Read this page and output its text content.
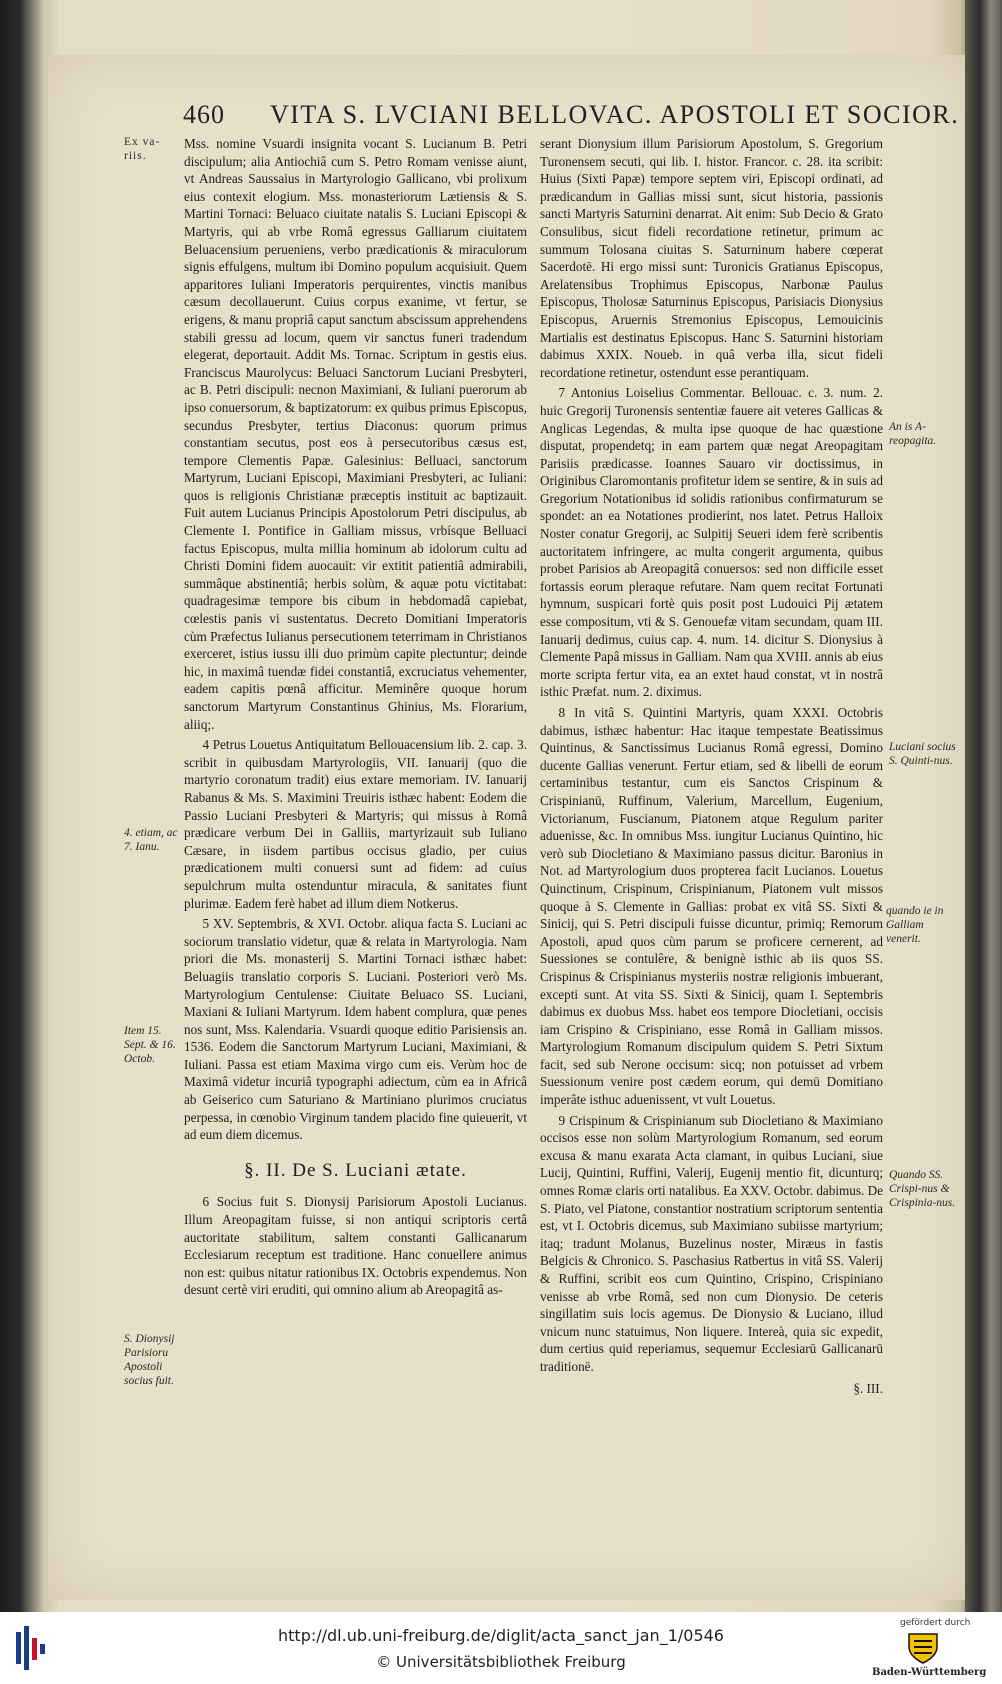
460 VITA S. LVCIANI BELLOVAC. APOSTOLI ET SOCIOR.
Ex va-riis.
4. etiam, ac 7. Ianu.
Item 15. Sept. & 16. Octob.
S. Dionysij Parisioru Apostoli socius fuit.
An is A-reopagita.
Luciani socius S. Quinti-nus.
quando ie in Galliam venerit.
Quando SS. Crispi-nus & Crispinia-nus.

Mss. nomine Vsuardi insignita vocant S. Lucianum B. Petri discipulum; alia Antiochiâ cum S. Petro Romam venisse aiunt, vt Andreas Saussaius in Martyrologio Gallicano, vbi prolixum eius contexit elogium. Mss. monasteriorum Lætiensis & S. Martini Tornaci: Beluaco ciuitate natalis S. Luciani Episcopi & Martyris, qui ab vrbe Româ egressus Galliarum ciuitatem Beluacensium perueniens, verbo prædicationis & miraculorum signis effulgens, multum ibi Domino populum acquisiuit. Quem apparitores Iuliani Imperatoris perquirentes, vinctis manibus cæsum decollauerunt. Cuius corpus exanime, vt fertur, se erigens, & manu propriâ caput sanctum abscissum apprehendens stabili gressu ad locum, quem vir sanctus funeri tradendum elegerat, deportauit. Addit Ms. Tornac. Scriptum in gestis eius. Franciscus Maurolycus: Beluaci Sanctorum Luciani Presbyteri, ac B. Petri discipuli: necnon Maximiani, & Iuliani puerorum ab ipso conuersorum, & baptizatorum: ex quibus primus Episcopus, secundus Presbyter, tertius Diaconus: quorum primus constantiam secutus, post eos à persecutoribus cæsus est, tempore Clementis Papæ. Galesinius: Belluaci, sanctorum Martyrum, Luciani Episcopi, Maximiani Presbyteri, ac Iuliani: quos is religionis Christianæ præceptis instituit ac baptizauit. Fuit autem Lucianus Principis Apostolorum Petri discipulus, ab Clemente I. Pontifice in Galliam missus, vrbísque Belluaci factus Episcopus, multa millia hominum ab idolorum cultu ad Christi Domini fidem auocauit: vir extitit patientiâ admirabili, summâque abstinentiâ; herbis solùm, & aquæ potu victitabat: quadragesimæ tempore bis cibum in hebdomadâ capiebat, cœlestis panis vi sustentatus. Decreto Domitiani Imperatoris cùm Præfectus Iulianus persecutionem teterrimam in Christianos exerceret, istius iussu illi duo primùm capite plectuntur; deinde hic, in maximâ tuendæ fidei constantiâ, excruciatus vehementer, eadem capitis pœnâ afficitur. Meminêre quoque horum sanctorum Martyrum Constantinus Ghinius, Ms. Florarium, aliiq;.

4 Petrus Louetus Antiquitatum Bellouacensium lib. 2. cap. 3. scribit in quibusdam Martyrologiis, VII. Ianuarij (quo die martyrio coronatum tradit) eius extare memoriam. IV. Ianuarij Rabanus & Ms. S. Maximini Treuiris isthæc habent: Eodem die Passio Luciani Presbyteri & Martyris; qui missus à Româ prædicare verbum Dei in Galliis, martyrizauit sub Iuliano Cæsare, in iisdem partibus occisus gladio, per cuius prædicationem multi conuersi sunt ad fidem: ad cuius sepulchrum multa ostenduntur miracula, & sanitates fiunt plurimæ. Eadem ferè habet ad illum diem Notkerus.

5 XV. Septembris, & XVI. Octobr. aliqua facta S. Luciani ac sociorum translatio videtur, quæ & relata in Martyrologia. Nam priori die Ms. monasterij S. Martini Tornaci isthæc habet: Beluagiis translatio corporis S. Luciani. Posteriori verò Ms. Martyrologium Centulense: Ciuitate Beluaco SS. Luciani, Maxiani & Iuliani Martyrum. Idem habent complura, quæ penes nos sunt, Mss. Kalendaria. Vsuardi quoque editio Parisiensis an. 1536. Eodem die Sanctorum Martyrum Luciani, Maximiani, & Iuliani. Passa est etiam Maxima virgo cum eis. Verùm hoc de Maximâ videtur incuriâ typographi adiectum, cùm ea in Africâ ab Geiserico cum Saturiano & Martiniano plurimos cruciatus perpessa, in cœnobio Virginum tandem placido fine quieuerit, vt ad eum diem dicemus.

§. II. De S. Luciani ætate.

6 Socius fuit S. Dionysij Parisiorum Apostoli Lucianus. Illum Areopagitam fuisse, si non antiqui scriptoris certâ auctoritate stabilitum, saltem constanti Gallicanarum Ecclesiarum receptum est traditione. Hanc conuellere animus non est: quibus nitatur rationibus IX. Octobris expendemus. Non desunt certè viri eruditi, qui omnino alium ab Areopagitâ as-

serant Dionysium illum Parisiorum Apostolum, S. Gregorium Turonensem secuti, qui lib. I. histor. Francor. c. 28. ita scribit: Huius (Sixti Papæ) tempore septem viri, Episcopi ordinati, ad prædicandum in Gallias missi sunt, sicut historia, passionis sancti Martyris Saturnini denarrat. Ait enim: Sub Decio & Grato Consulibus, sicut fideli recordatione retinetur, primum ac summum Tolosana ciuitas S. Saturninum habere cœperat Sacerdotē. Hi ergo missi sunt: Turonicis Gratianus Episcopus, Arelatensibus Trophimus Episcopus, Narbonæ Paulus Episcopus, Tholosæ Saturninus Episcopus, Parisiacis Dionysius Episcopus, Aruernis Stremonius Episcopus, Lemouicinis Martialis est destinatus Episcopus. Hanc S. Saturnini historiam dabimus XXIX. Noueb. in quâ verba illa, sicut fideli recordatione retinetur, ostendunt esse perantiquam.

7 Antonius Loiselius Commentar. Bellouac. c. 3. num. 2. huic Gregorij Turonensis sententiæ fauere ait veteres Gallicas & Anglicas Legendas, & multa ipse quoque de hac quæstione disputat, propendetq; in eam partem quæ negat Areopagitam Parisiis prædicasse. Ioannes Sauaro vir doctissimus, in Originibus Claromontanis profitetur idem se sentire, & in suis ad Gregorium Notationibus id solidis rationibus confirmaturum se spondet: an ea Notationes prodierint, nos latet. Petrus Halloix Noster conatur Gregorij, ac Sulpitij Seueri idem ferè scribentis auctoritatem infringere, ac multa congerit argumenta, quibus probet Parisios ab Areopagitâ conuersos: sed non difficile esset fortassis eorum pleraque refutare. Nam quem recitat Fortunati hymnum, suspicari fortè quis posit post Ludouici Pij ætatem esse compositum, vti & S. Genouefæ vitam secundam, quam III. Ianuarij dedimus, cuius cap. 4. num. 14. dicitur S. Dionysius à Clemente Papâ missus in Galliam. Nam qua XVIII. annis ab eius morte scripta fertur vita, ea an extet haud constat, vt in nostrâ isthic Præfat. num. 2. diximus.

8 In vitâ S. Quintini Martyris, quam XXXI. Octobris dabimus, isthæc habentur: Hac itaque tempestate Beatissimus Quintinus, & Sanctissimus Lucianus Româ egressi, Domino ducente Gallias venerunt. Fertur etiam, sed & libelli de eorum certaminibus testantur, cum eis Sanctos Crispinum & Crispinianū, Ruffinum, Valerium, Marcellum, Eugenium, Victorianum, Fuscianum, Piatonem atque Regulum pariter aduenisse, &c. In omnibus Mss. iungitur Lucianus Quintino, hic verò sub Diocletiano & Maximiano passus dicitur. Baronius in Not. ad Martyrologium duos propterea facit Lucianos. Louetus Quinctinum, Crispinum, Crispinianum, Piatonem vult missos quoque à S. Clemente in Gallias: probat ex vitâ SS. Sixti & Sinicij, qui S. Petri discipuli fuisse dicuntur, primiq; Remorum Apostoli, apud quos cùm parum se proficere cernerent, ad Suessiones se contulêre, & benignè isthic ab iis quos SS. Crispinus & Crispinianus mysteriis nostræ religionis imbuerant, excepti sunt. At vita SS. Sixti & Sinicij, quam I. Septembris dabimus ex duobus Mss. habet eos tempore Diocletiani, occisis iam Crispino & Crispiniano, esse Româ in Galliam missos. Martyrologium Romanum discipulum quidem S. Petri Sixtum facit, sed sub Nerone occisum: sicq; non potuisset ad vrbem Suessionum venire post cædem eorum, qui demū Domitiano imperâte isthuc aduenissent, vt vult Louetus.

9 Crispinum & Crispinianum sub Diocletiano & Maximiano occisos esse non solùm Martyrologium Romanum, sed eorum excusa & manu exarata Acta clamant, in quibus Luciani, siue Lucij, Quintini, Ruffini, Valerij, Eugenij mentio fit, dicunturq; omnes Romæ claris orti natalibus. Ea XXV. Octobr. dabimus. De S. Piato, vel Piatone, constantior nostratium scriptorum sententia est, vt I. Octobris dicemus, sub Maximiano subiisse martyrium; itaq; tradunt Molanus, Buzelinus noster, Miræus in fastis Belgicis & Chronico. S. Paschasius Ratbertus in vitâ SS. Valerij & Ruffini, scribit eos cum Quintino, Crispino, Crispiniano venisse ab vrbe Româ, sed non cum Dionysio. De ceteris singillatim suis locis agemus. De Dionysio & Luciano, illud vnicum nunc statuimus, Non liquere. Intereà, quia sic expedit, dum certius quid reperiamus, sequemur Ecclesiarū Gallicanarū traditionē.

§. III.

http://dl.ub.uni-freiburg.de/diglit/acta_sanct_jan_1/0546
© Universitätsbibliothek Freiburg
gefördert durch
Baden-Württemberg
